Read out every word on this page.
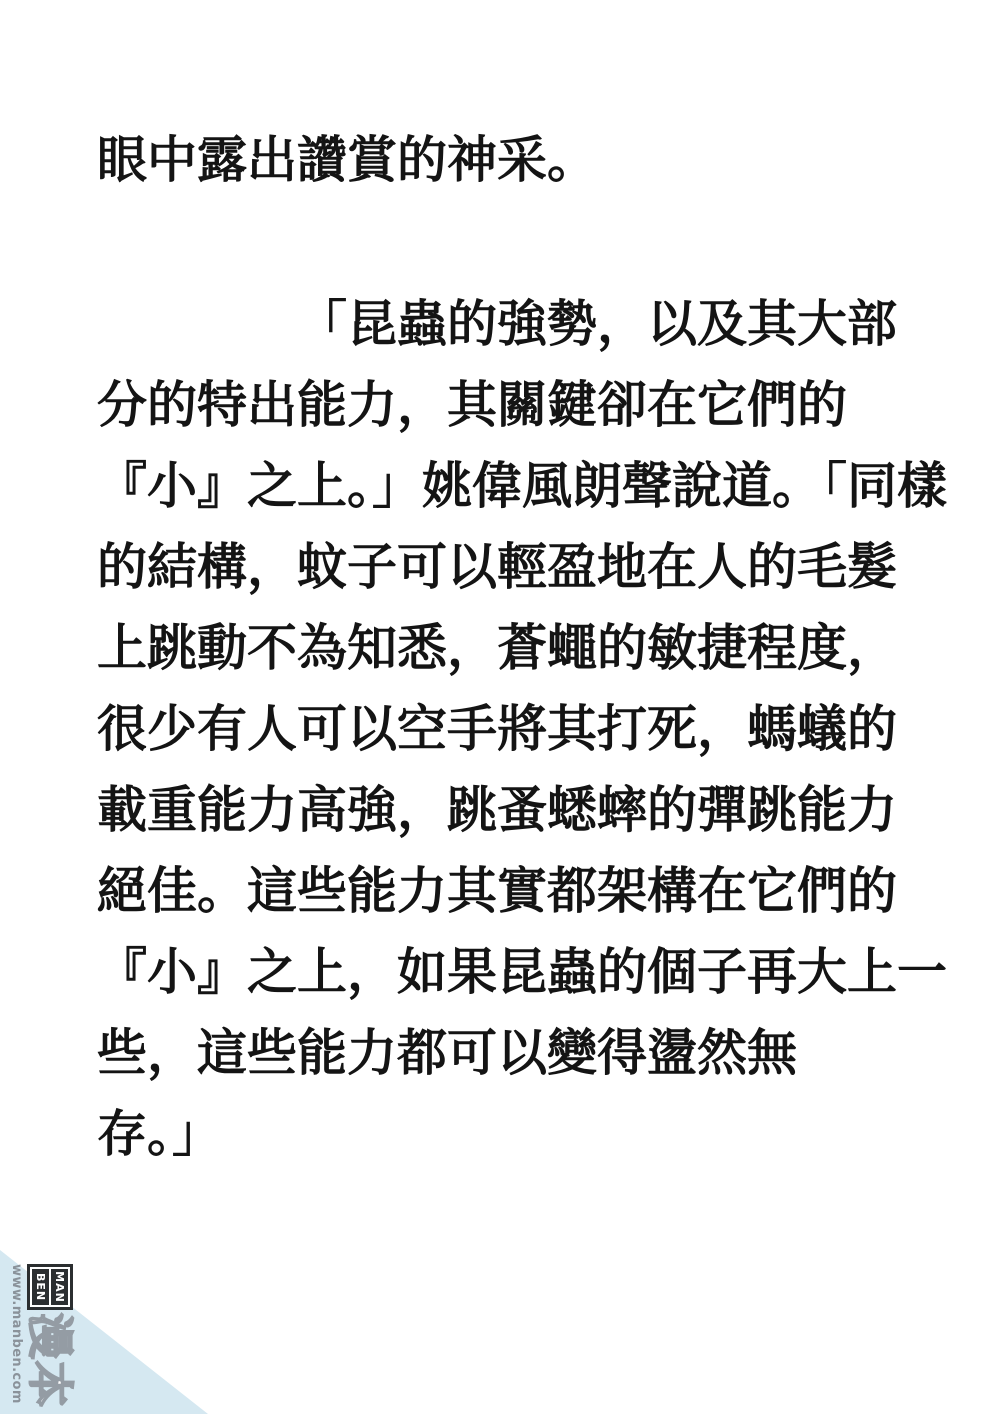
眼中露出讚賞的神采。
「昆蟲的強勢，以及其大部
分的特出能力，其關鍵卻在它們的
『小』之上。」姚偉風朗聲說道。「同樣
的結構，蚊子可以輕盈地在人的毛髮
上跳動不為知悉，蒼蠅的敏捷程度，
很少有人可以空手將其打死，螞蟻的
載重能力高強，跳蚤蟋蟀的彈跳能力
絕佳。這些能力其實都架構在它們的
『小』之上，如果昆蟲的個子再大上一
些，這些能力都可以變得盪然無
存。」
MAN
BEN
漫本
www.manben.com
